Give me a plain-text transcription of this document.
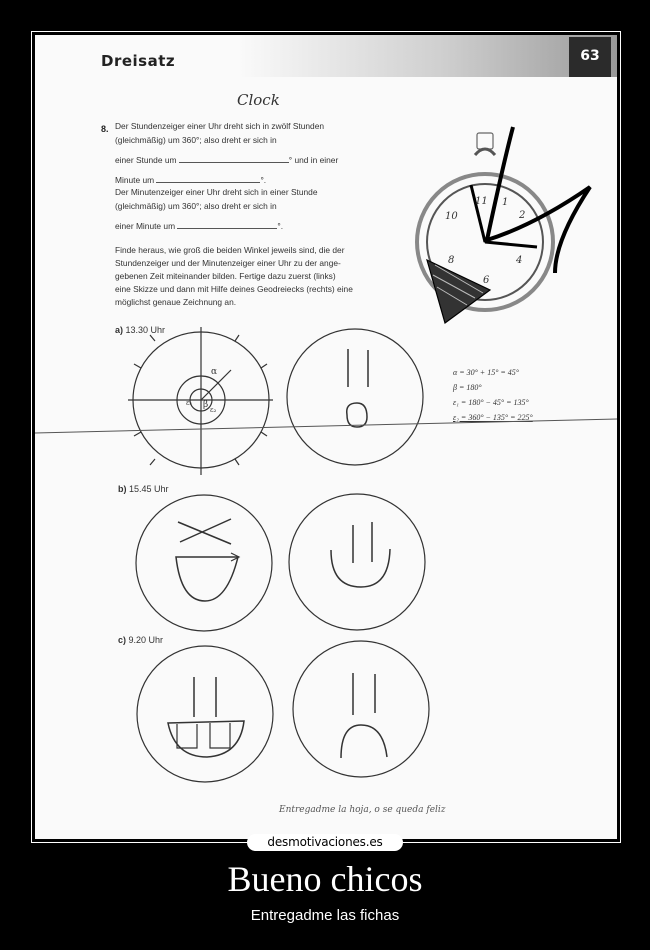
Dreisatz	63
Clock
8. Der Stundenzeiger einer Uhr dreht sich in zwölf Stunden
(gleichmäßig) um 360°; also dreht er sich in
einer Stunde um	° und in einer
Minute um	°.
Der Minutenzeiger einer Uhr dreht sich in einer Stunde
(gleichmäßig) um 360°; also dreht er sich in
einer Minute um	°.
Finde heraus, wie groß die beiden Winkel jeweils sind, die der
Stundenzeiger und der Minutenzeiger einer Uhr zu der ange-
gebenen Zeit miteinander bilden. Fertige dazu zuerst (links)
eine Skizze und dann mit Hilfe deines Geodreiecks (rechts) eine
möglichst genaue Zeichnung an.
a) 13.30 Uhr
b) 15.45 Uhr
c) 9.20 Uhr
α = 30° + 15° = 45°
β = 180°
ε₁ = 180° − 45° = 135°
ε₂ = 360° − 135° = 225°
11 1
2
10
8
6
4
α
β
ε₁
ε₂
Entregadme la hoja, o se queda feliz
desmotivaciones.es
Bueno chicos
Entregadme las fichas
